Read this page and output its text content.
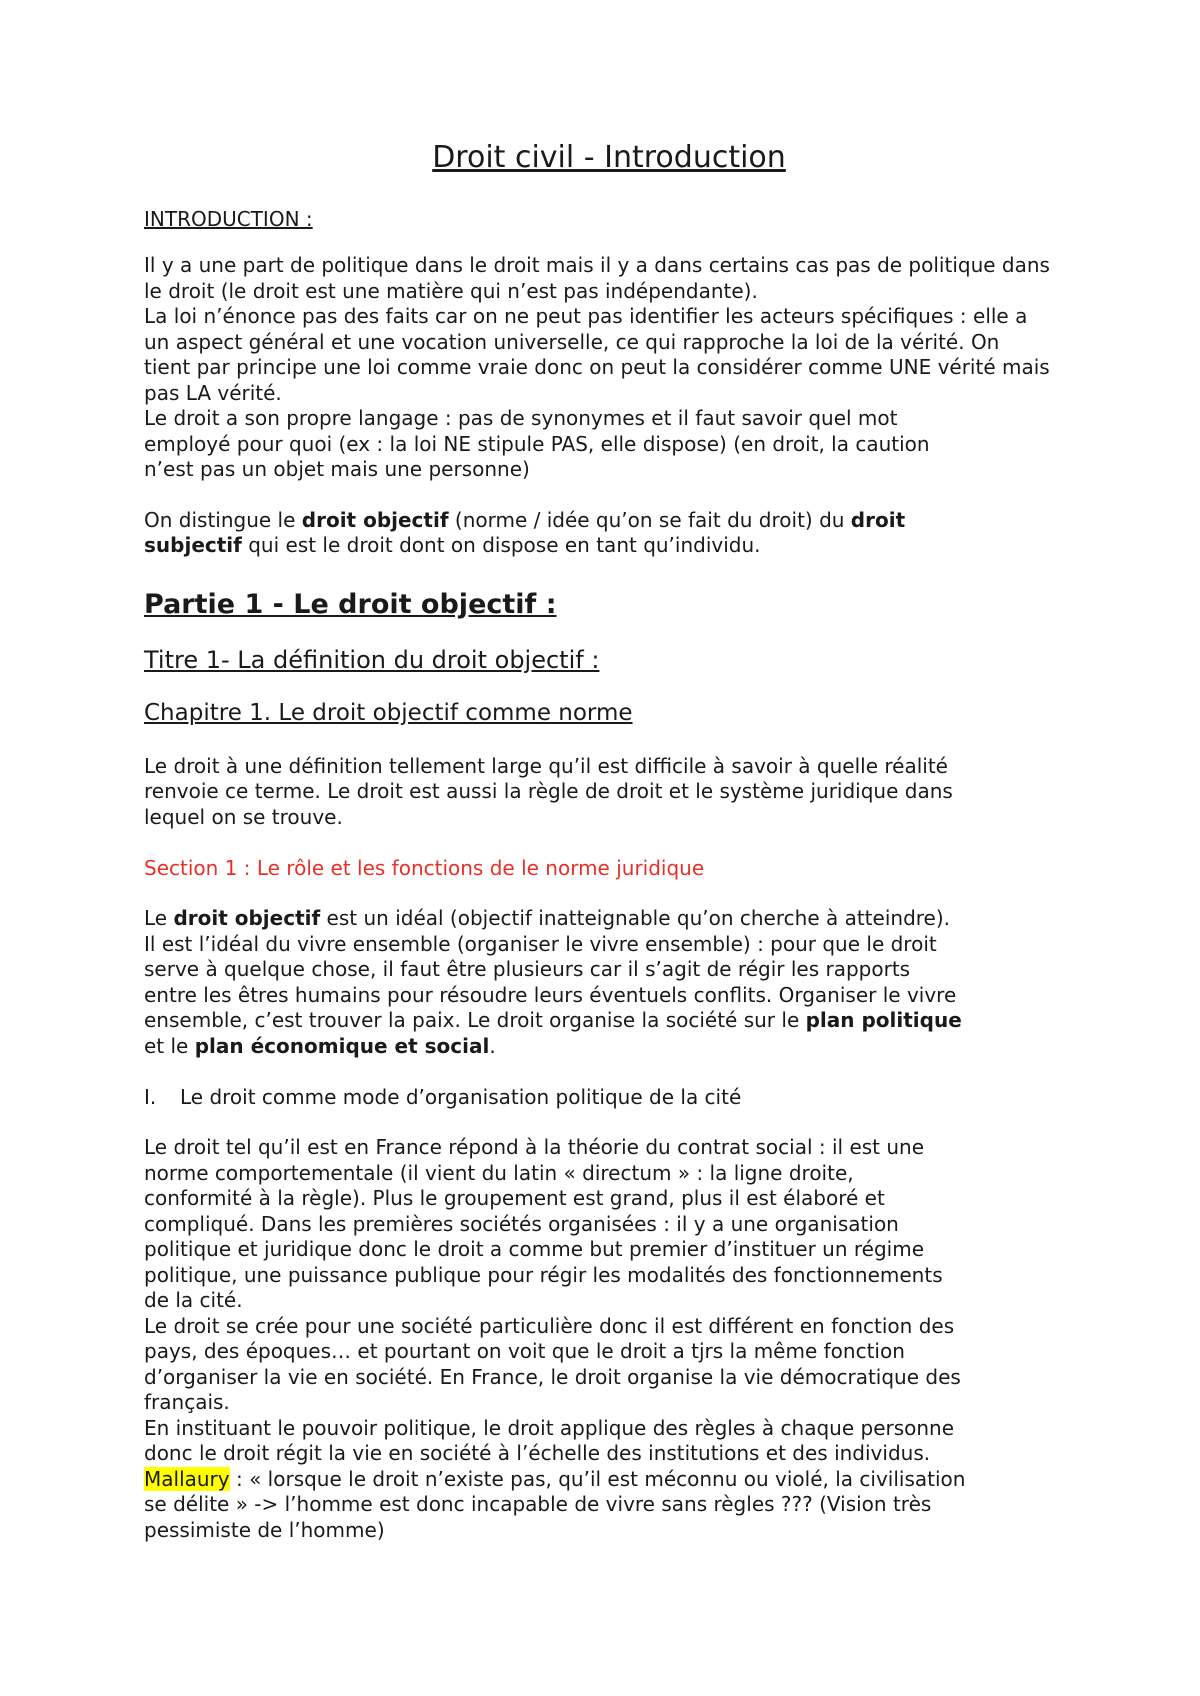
Droit civil - Introduction
INTRODUCTION :
Il y a une part de politique dans le droit mais il y a dans certains cas pas de politique dans
le droit (le droit est une matière qui n’est pas indépendante).
La loi n’énonce pas des faits car on ne peut pas identifier les acteurs spécifiques : elle a
un aspect général et une vocation universelle, ce qui rapproche la loi de la vérité. On
tient par principe une loi comme vraie donc on peut la considérer comme UNE vérité mais
pas LA vérité.
Le droit a son propre langage : pas de synonymes et il faut savoir quel mot
employé pour quoi (ex : la loi NE stipule PAS, elle dispose) (en droit, la caution
n’est pas un objet mais une personne)
On distingue le droit objectif (norme / idée qu’on se fait du droit) du droit
subjectif qui est le droit dont on dispose en tant qu’individu.
Partie 1 - Le droit objectif :
Titre 1- La définition du droit objectif :
Chapitre 1. Le droit objectif comme norme
Le droit à une définition tellement large qu’il est difficile à savoir à quelle réalité
renvoie ce terme. Le droit est aussi la règle de droit et le système juridique dans
lequel on se trouve.
Section 1 : Le rôle et les fonctions de le norme juridique
Le droit objectif est un idéal (objectif inatteignable qu’on cherche à atteindre).
Il est l’idéal du vivre ensemble (organiser le vivre ensemble) : pour que le droit
serve à quelque chose, il faut être plusieurs car il s’agit de régir les rapports
entre les êtres humains pour résoudre leurs éventuels conflits. Organiser le vivre
ensemble, c’est trouver la paix. Le droit organise la société sur le plan politique
et le plan économique et social.
I. Le droit comme mode d’organisation politique de la cité
Le droit tel qu’il est en France répond à la théorie du contrat social : il est une
norme comportementale (il vient du latin « directum » : la ligne droite,
conformité à la règle). Plus le groupement est grand, plus il est élaboré et
compliqué. Dans les premières sociétés organisées : il y a une organisation
politique et juridique donc le droit a comme but premier d’instituer un régime
politique, une puissance publique pour régir les modalités des fonctionnements
de la cité.
Le droit se crée pour une société particulière donc il est différent en fonction des
pays, des époques… et pourtant on voit que le droit a tjrs la même fonction
d’organiser la vie en société. En France, le droit organise la vie démocratique des
français.
En instituant le pouvoir politique, le droit applique des règles à chaque personne
donc le droit régit la vie en société à l’échelle des institutions et des individus.
Mallaury : « lorsque le droit n’existe pas, qu’il est méconnu ou violé, la civilisation
se délite » -> l’homme est donc incapable de vivre sans règles ??? (Vision très
pessimiste de l’homme)
